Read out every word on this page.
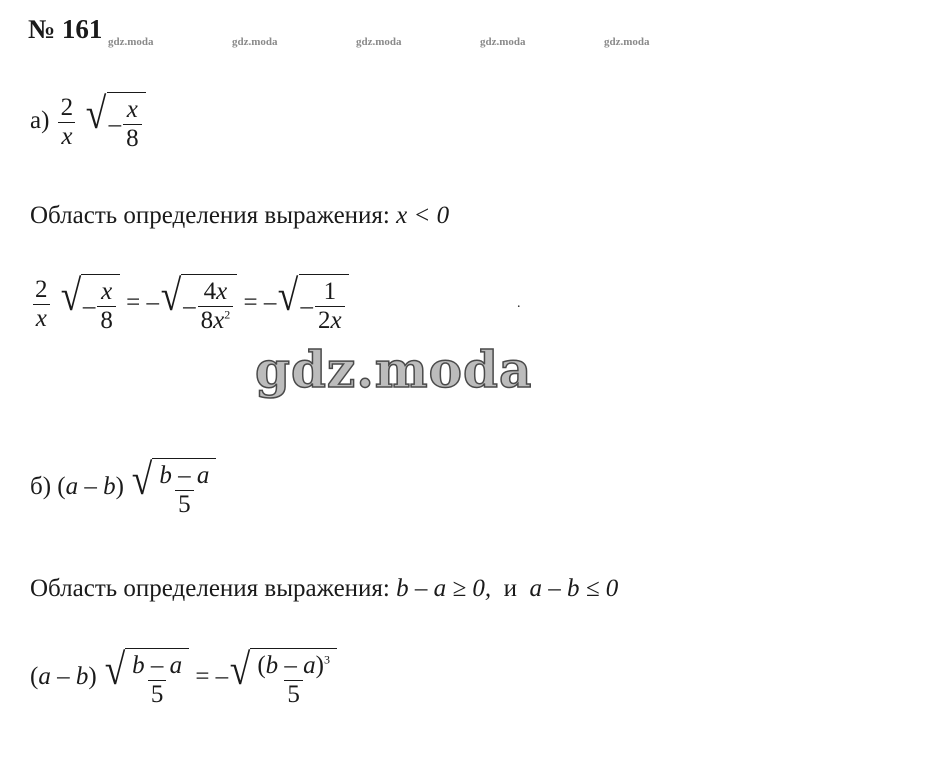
№ 161 gdz.moda	gdz.moda	gdz.moda	gdz.moda	gdz.moda
$а) \frac{2}{x}$
√ – $\frac{x}{8}$
Область определения выражения: x < 0
$\frac{2}{x}$
√ – $\frac{x}{8}$ = – √ – $\frac{4x}{8x^2}$ = – √ – $\frac{1}{2x}$	.
gdz.moda
б) (a – b) √ $\frac{b - a}{5}$
Область определения выражения: b – a ≥ 0, и a – b ≤ 0
(a – b) √ $\frac{b - a}{5}$ = – √ $\frac{(b - a)^3}{5}$
